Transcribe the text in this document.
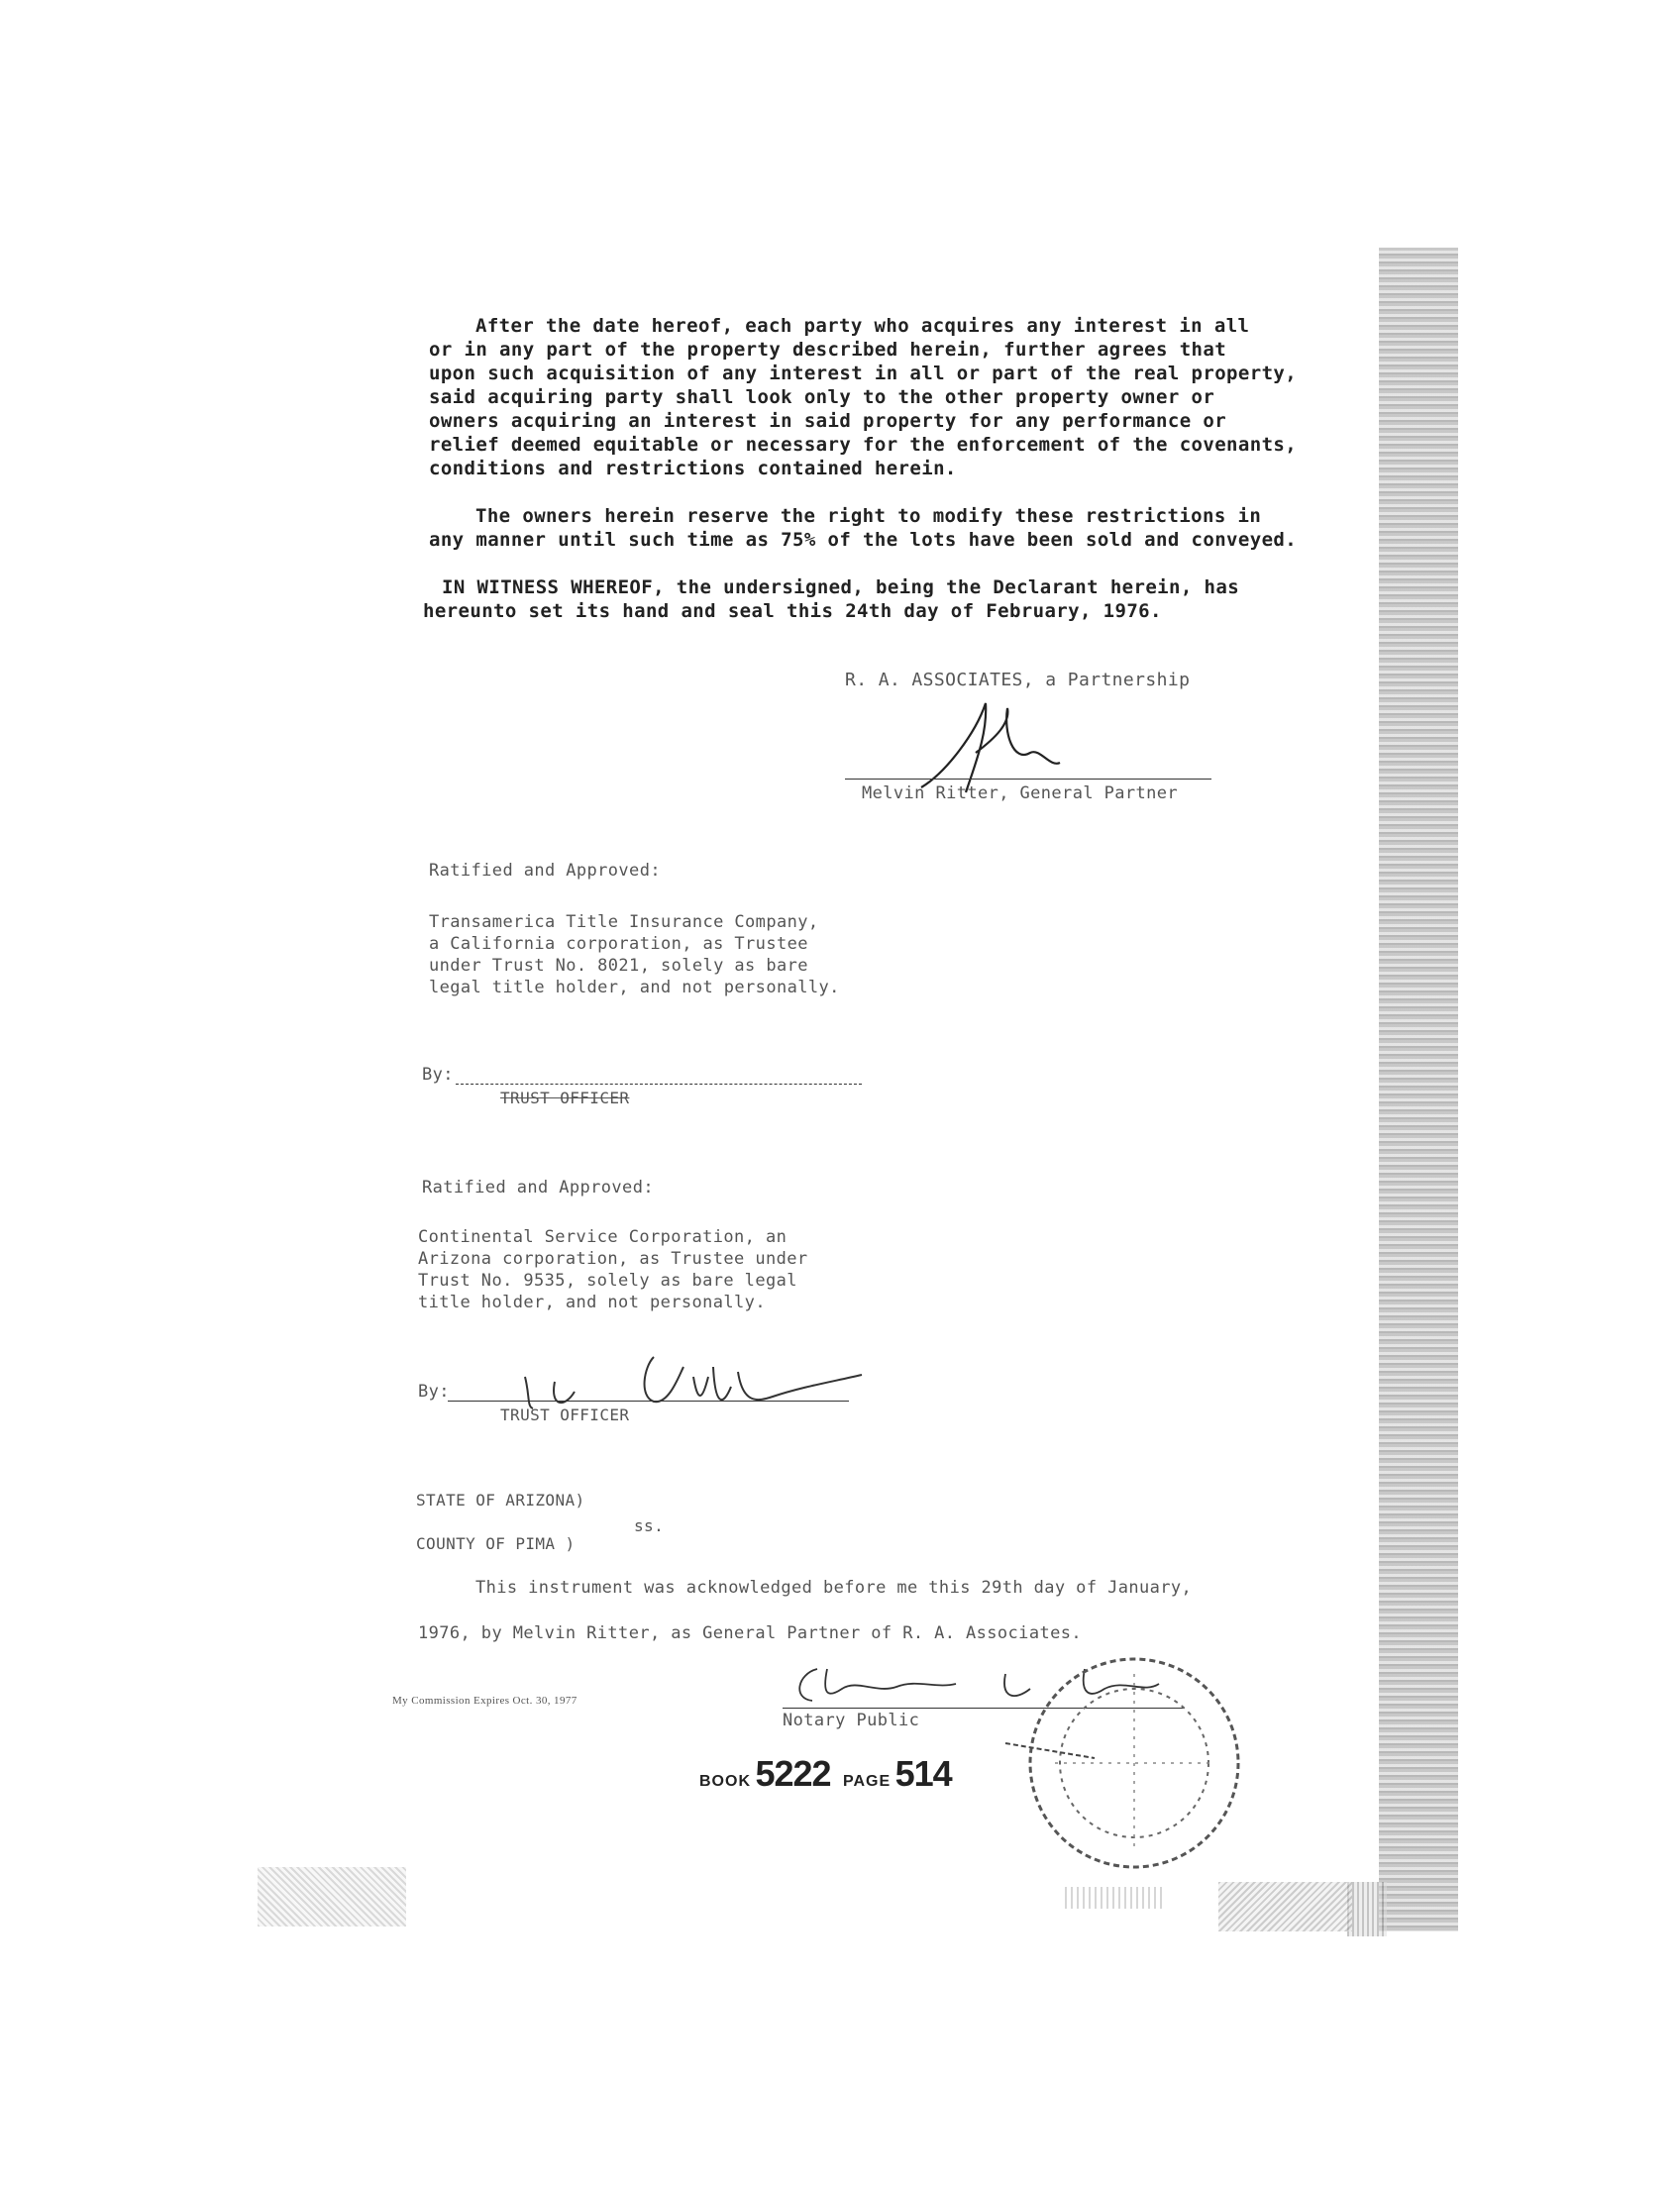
After the date hereof, each party who acquires any interest in all

or in any part of the property described herein, further agrees that

upon such acquisition of any interest in all or part of the real property,

said acquiring party shall look only to the other property owner or

owners acquiring an interest in said property for any performance or

relief deemed equitable or necessary for the enforcement of the covenants,

conditions and restrictions contained herein.

The owners herein reserve the right to modify these restrictions in

any manner until such time as 75% of the lots have been sold and conveyed.

IN WITNESS WHEREOF, the undersigned, being the Declarant herein, has

hereunto set its hand and seal this 24th day of February, 1976.

R. A. ASSOCIATES, a Partnership

Melvin Ritter, General Partner

Ratified and Approved:

Transamerica Title Insurance Company,

a California corporation, as Trustee

under Trust No. 8021, solely as bare

legal title holder, and not personally.

By:

TRUST OFFICER

Ratified and Approved:

Continental Service Corporation, an

Arizona corporation, as Trustee under

Trust No. 9535, solely as bare legal

title holder, and not personally.

By:

TRUST OFFICER

STATE OF ARIZONA)

ss.

COUNTY OF PIMA )

This instrument was acknowledged before me this 29th day of January,

1976, by Melvin Ritter, as General Partner of R. A. Associates.

My Commission Expires Oct. 30, 1977

Notary Public

BOOK 5222 PAGE 514
